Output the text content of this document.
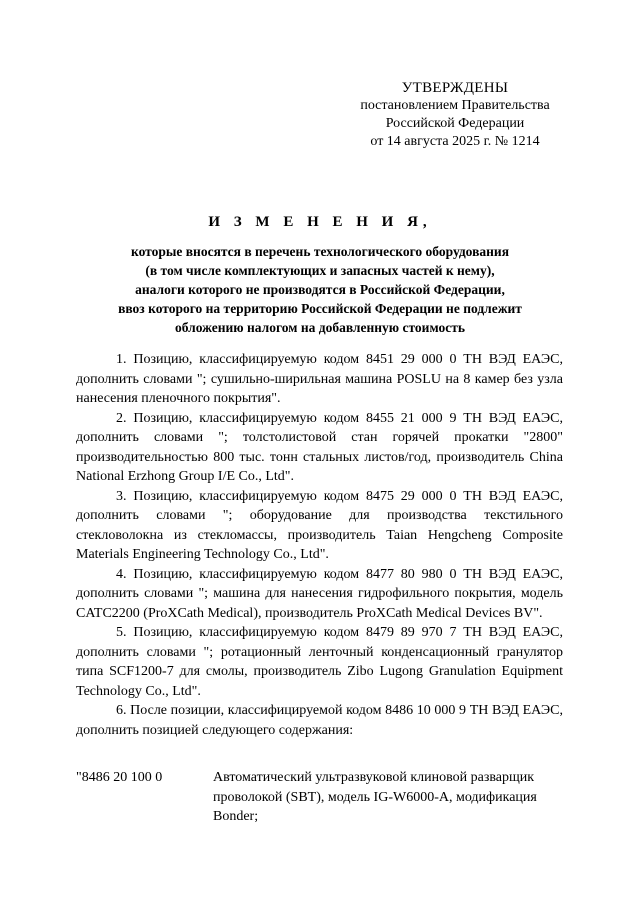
УТВЕРЖДЕНЫ
постановлением Правительства
Российской Федерации
от 14 августа 2025 г. № 1214
И З М Е Н Е Н И Я,
которые вносятся в перечень технологического оборудования
(в том числе комплектующих и запасных частей к нему),
аналоги которого не производятся в Российской Федерации,
ввоз которого на территорию Российской Федерации не подлежит
обложению налогом на добавленную стоимость

1. Позицию, классифицируемую кодом 8451 29 000 0 ТН ВЭД ЕАЭС, дополнить словами "; сушильно-ширильная машина POSLU на 8 камер без узла нанесения пленочного покрытия".

2. Позицию, классифицируемую кодом 8455 21 000 9 ТН ВЭД ЕАЭС, дополнить словами "; толстолистовой стан горячей прокатки "2800" производительностью 800 тыс. тонн стальных листов/год, производитель China National Erzhong Group I/E Co., Ltd".

3. Позицию, классифицируемую кодом 8475 29 000 0 ТН ВЭД ЕАЭС, дополнить словами "; оборудование для производства текстильного стекловолокна из стекломассы, производитель Taian Hengcheng Composite Materials Engineering Technology Co., Ltd".

4. Позицию, классифицируемую кодом 8477 80 980 0 ТН ВЭД ЕАЭС, дополнить словами "; машина для нанесения гидрофильного покрытия, модель CATC2200 (ProXCath Medical), производитель ProXCath Medical Devices BV".

5. Позицию, классифицируемую кодом 8479 89 970 7 ТН ВЭД ЕАЭС, дополнить словами "; ротационный ленточный конденсационный гранулятор типа SCF1200-7 для смолы, производитель Zibo Lugong Granulation Equipment Technology Co., Ltd".

6. После позиции, классифицируемой кодом 8486 10 000 9 ТН ВЭД ЕАЭС, дополнить позицией следующего содержания:

"8486 20 100 0	Автоматический ультразвуковой клиновой разварщик проволокой (SBT), модель IG-W6000-A, модификация Bonder;
